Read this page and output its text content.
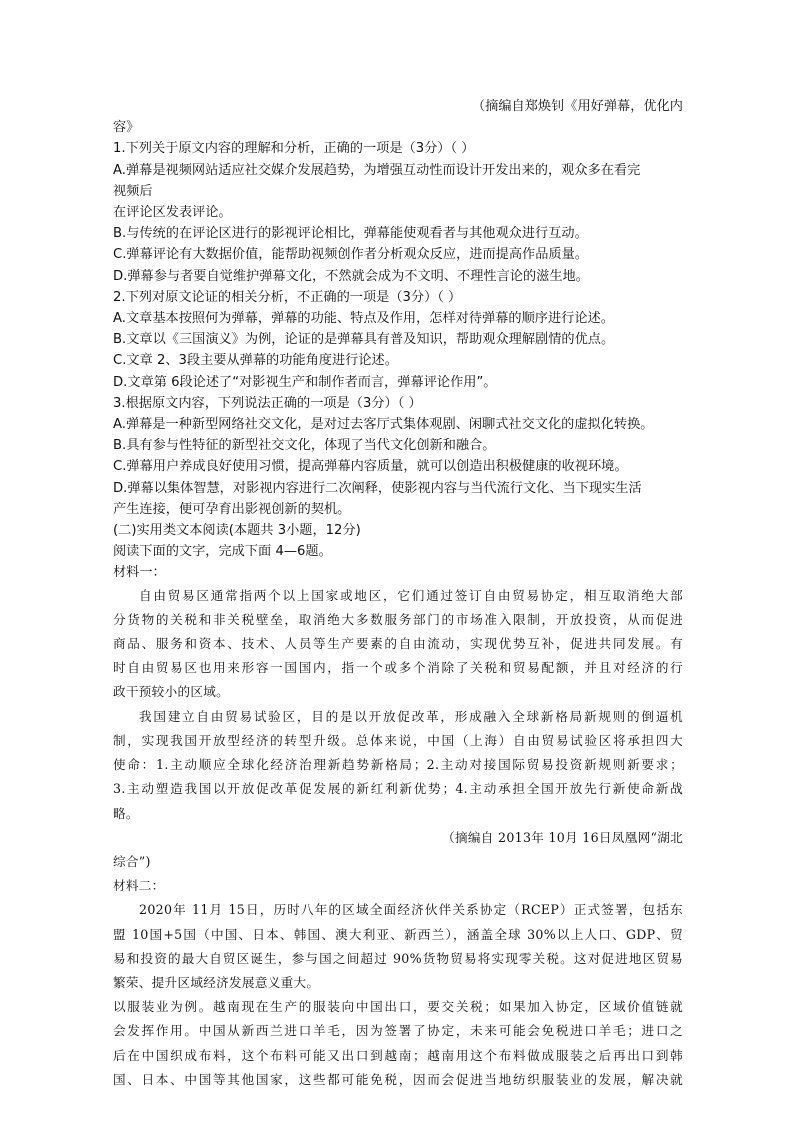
（摘编自郑焕钊《用好弹幕，优化内
容》
1.下列关于原文内容的理解和分析，正确的一项是（3分）（ ）
A.弹幕是视频网站适应社交媒介发展趋势，为增强互动性而设计开发出来的，观众多在看完
视频后
在评论区发表评论。
B.与传统的在评论区进行的影视评论相比，弹幕能使观看者与其他观众进行互动。
C.弹幕评论有大数据价值，能帮助视频创作者分析观众反应，进而提高作品质量。
D.弹幕参与者要自觉维护弹幕文化，不然就会成为不文明、不理性言论的滋生地。
2.下列对原文论证的相关分析，不正确的一项是（3分）（ ）
A.文章基本按照何为弹幕，弹幕的功能、特点及作用，怎样对待弹幕的顺序进行论述。
B.文章以《三国演义》为例，论证的是弹幕具有普及知识，帮助观众理解剧情的优点。
C.文章 2、3段主要从弹幕的功能角度进行论述。
D.文章第 6段论述了“对影视生产和制作者而言，弹幕评论作用”。
3.根据原文内容，下列说法正确的一项是（3分）（ ）
A.弹幕是一种新型网络社交文化，是对过去客厅式集体观剧、闲聊式社交文化的虚拟化转换。
B.具有参与性特征的新型社交文化，体现了当代文化创新和融合。
C.弹幕用户养成良好使用习惯，提高弹幕内容质量，就可以创造出积极健康的收视环境。
D.弹幕以集体智慧，对影视内容进行二次阐释，使影视内容与当代流行文化、当下现实生活
产生连接，便可孕育出影视创新的契机。
(二)实用类文本阅读(本题共 3小题，12分)
阅读下面的文字，完成下面 4—6题。
材料一：
自由贸易区通常指两个以上国家或地区，它们通过签订自由贸易协定，相互取消绝大部
分货物的关税和非关税壁垒，取消绝大多数服务部门的市场准入限制，开放投资，从而促进
商品、服务和资本、技术、人员等生产要素的自由流动，实现优势互补，促进共同发展。有
时自由贸易区也用来形容一国国内，指一个或多个消除了关税和贸易配额，并且对经济的行
政干预较小的区域。
我国建立自由贸易试验区，目的是以开放促改革，形成融入全球新格局新规则的倒逼机
制，实现我国开放型经济的转型升级。总体来说，中国（上海）自由贸易试验区将承担四大
使命：1.主动顺应全球化经济治理新趋势新格局；2.主动对接国际贸易投资新规则新要求；
3.主动塑造我国以开放促改革促发展的新红利新优势；4.主动承担全国开放先行新使命新战
略。
（摘编自 2013年 10月 16日凤凰网“湖北
综合”)
材料二：
2020年 11月 15日，历时八年的区域全面经济伙伴关系协定（RCEP）正式签署，包括东
盟 10国+5国（中国、日本、韩国、澳大利亚、新西兰），涵盖全球 30%以上人口、GDP、贸
易和投资的最大自贸区诞生，参与国之间超过 90%货物贸易将实现零关税。这对促进地区贸易
繁荣、提升区域经济发展意义重大。
以服装业为例。越南现在生产的服装向中国出口，要交关税；如果加入协定，区域价值链就
会发挥作用。中国从新西兰进口羊毛，因为签署了协定，未来可能会免税进口羊毛；进口之
后在中国织成布料，这个布料可能又出口到越南；越南用这个布料做成服装之后再出口到韩
国、日本、中国等其他国家，这些都可能免税，因而会促进当地纺织服装业的发展，解决就
